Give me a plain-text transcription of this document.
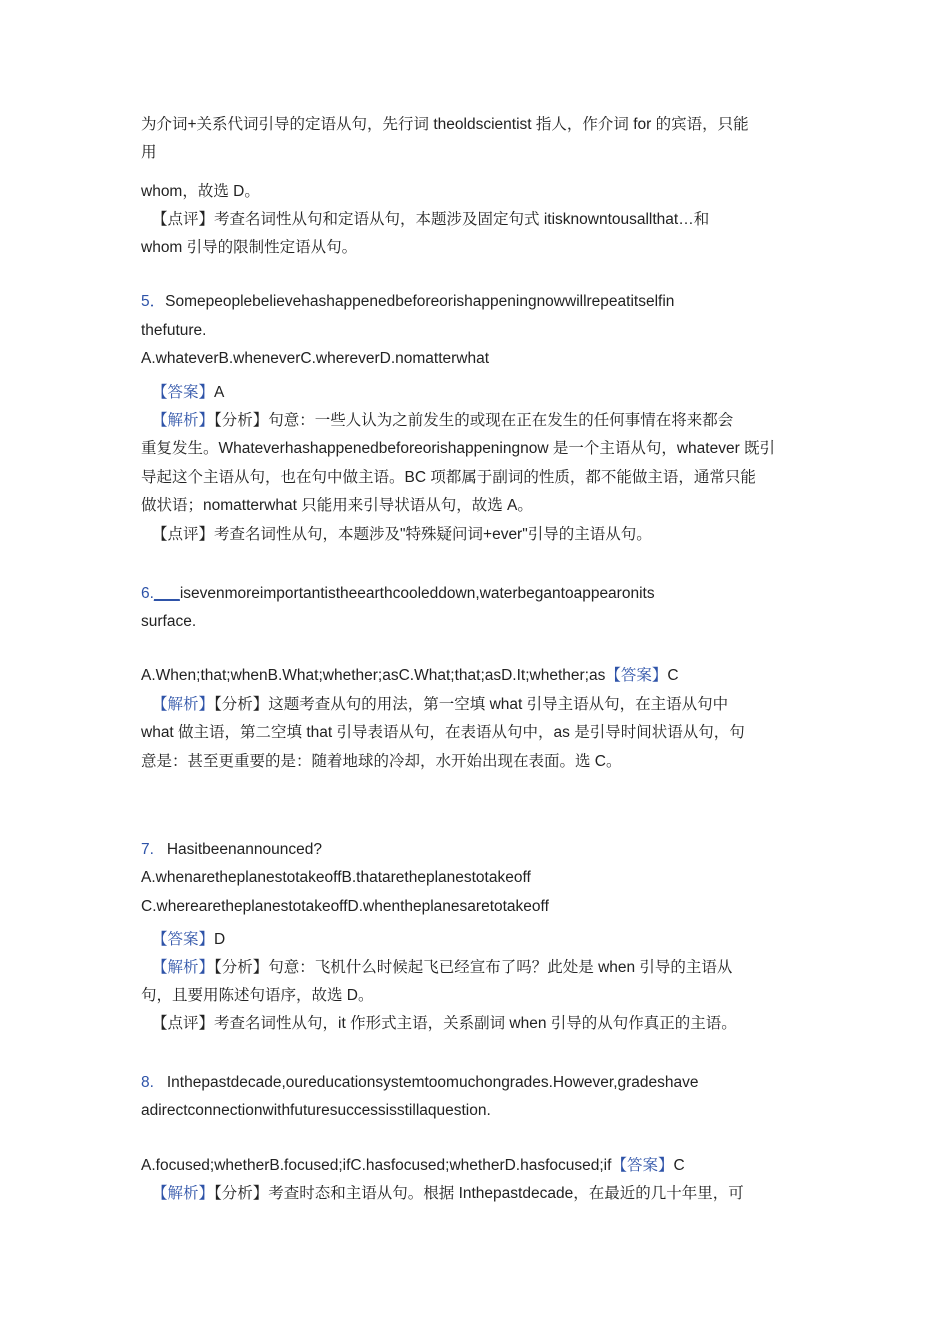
为介词+关系代词引导的定语从句，先行词 theoldscientist 指人，作介词 for 的宾语，只能
用
whom，故选 D。
【点评】考查名词性从句和定语从句，本题涉及固定句式 itisknowntousallthat…和
whom 引导的限制性定语从句。
5．Somepeoplebelievehashappenedbeforeorishappeningnowwillrepeatitselfin
thefuture.
A.whateverB.wheneverC.whereverD.nomatterwhat
【答案】A
【解析】【分析】句意：一些人认为之前发生的或现在正在发生的任何事情在将来都会
重复发生。Whateverhashappenedbeforeorishappeningnow 是一个主语从句，whatever 既引
导起这个主语从句，也在句中做主语。BC 项都属于副词的性质，都不能做主语，通常只能
做状语；nomatterwhat 只能用来引导状语从句，故选 A。
【点评】考查名词性从句，本题涉及"特殊疑问词+ever"引导的主语从句。
6.___isevenmoreimportantistheearthcooleddown,waterbegantoappearonits
surface.
A.When;that;whenB.What;whether;asC.What;that;asD.It;whether;as【答案】C
【解析】【分析】这题考查从句的用法，第一空填 what 引导主语从句，在主语从句中
what 做主语，第二空填 that 引导表语从句，在表语从句中，as 是引导时间状语从句，句
意是：甚至更重要的是：随着地球的冷却，水开始出现在表面。选 C。
7. Hasitbeenannounced?
A.whenaretheplanestotakeoffB.thataretheplanestotakeoff
C.wherearetheplanestotakeoffD.whentheplanesaretotakeoff
【答案】D
【解析】【分析】句意：飞机什么时候起飞已经宣布了吗？此处是 when 引导的主语从
句，且要用陈述句语序，故选 D。
【点评】考查名词性从句，it 作形式主语，关系副词 when 引导的从句作真正的主语。
8. Inthepastdecade,oureducationsystemtoomuchongrades.However,gradeshave
adirectconnectionwithfuturesuccessisstillaquestion.
A.focused;whetherB.focused;ifC.hasfocused;whetherD.hasfocused;if【答案】C
【解析】【分析】考查时态和主语从句。根据 Inthepastdecade，在最近的几十年里，可
